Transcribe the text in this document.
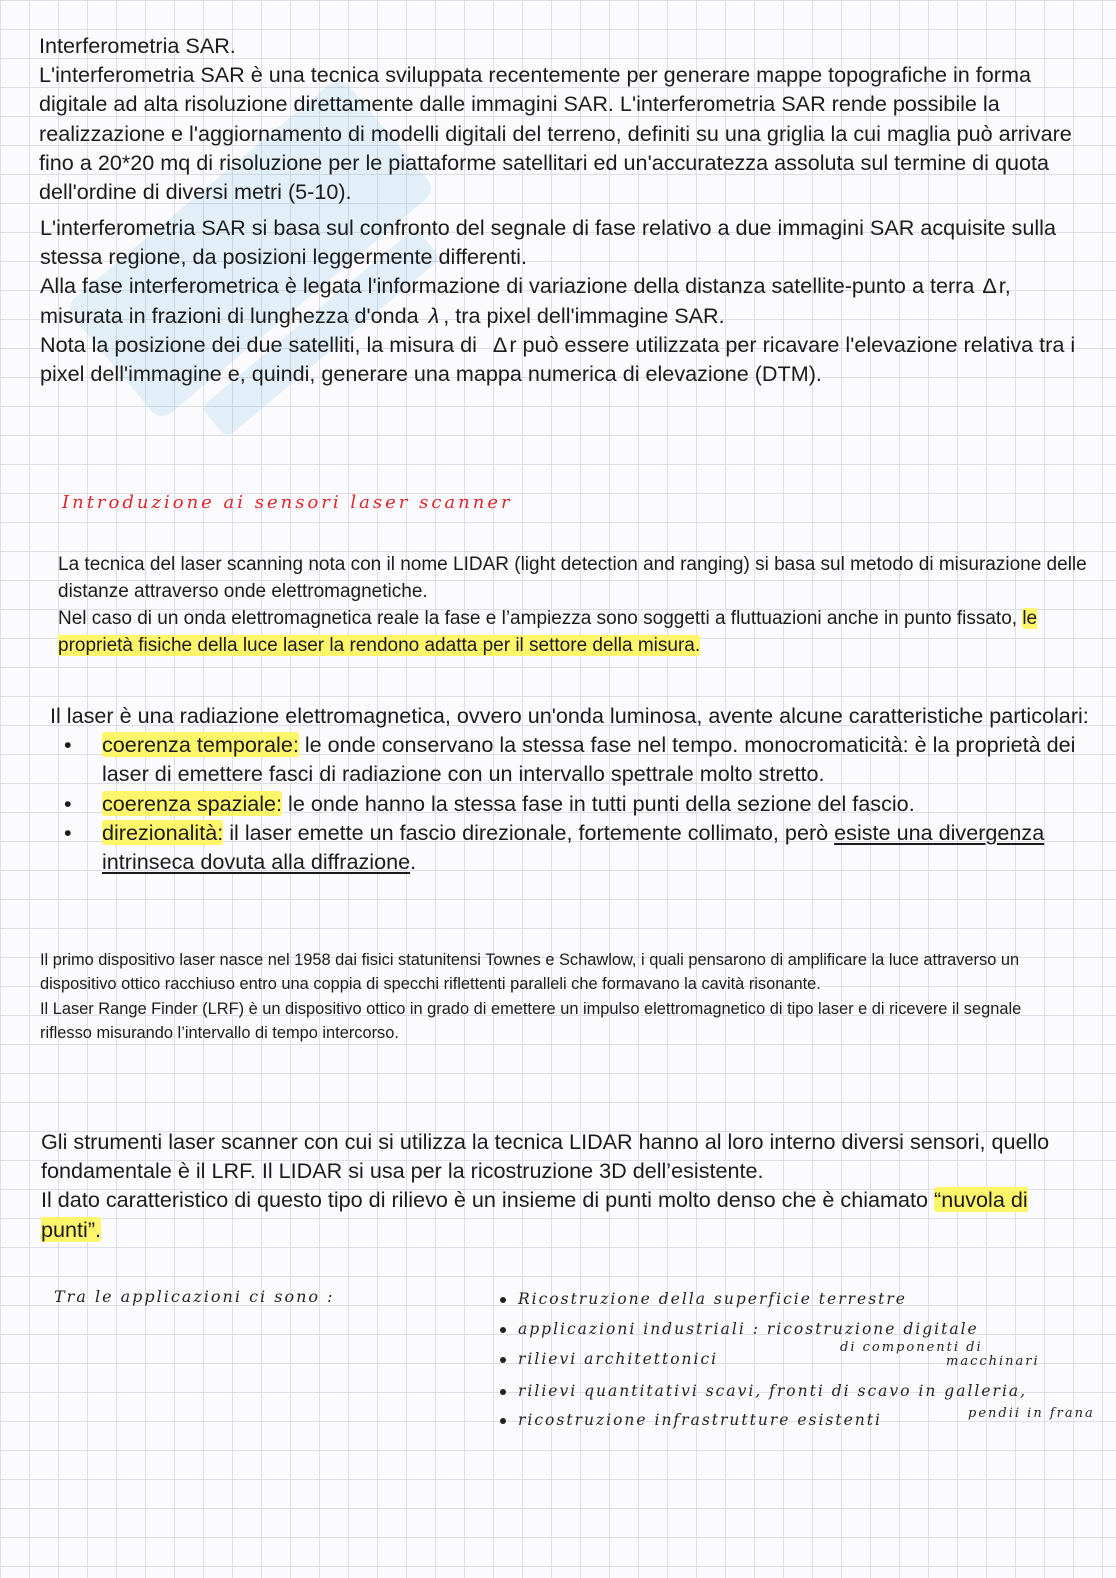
Interferometria SAR.

L'interferometria SAR è una tecnica sviluppata recentemente per generare mappe topografiche in forma digitale ad alta risoluzione direttamente dalle immagini SAR. L'interferometria SAR rende possibile la realizzazione e l'aggiornamento di modelli digitali del terreno, definiti su una griglia la cui maglia può arrivare fino a 20*20 mq di risoluzione per le piattaforme satellitari ed un'accuratezza assoluta sul termine di quota dell'ordine di diversi metri (5-10).

L'interferometria SAR si basa sul confronto del segnale di fase relativo a due immagini SAR acquisite sulla stessa regione, da posizioni leggermente differenti.

Alla fase interferometrica è legata l'informazione di variazione della distanza satellite-punto a terra Δr, misurata in frazioni di lunghezza d'onda λ , tra pixel dell'immagine SAR.

Nota la posizione dei due satelliti, la misura di Δr può essere utilizzata per ricavare l'elevazione relativa tra i pixel dell'immagine e, quindi, generare una mappa numerica di elevazione (DTM).

Introduzione ai sensori laser scanner

La tecnica del laser scanning nota con il nome LIDAR (light detection and ranging) si basa sul metodo di misurazione delle distanze attraverso onde elettromagnetiche.

Nel caso di un onda elettromagnetica reale la fase e l’ampiezza sono soggetti a fluttuazioni anche in punto fissato, le proprietà fisiche della luce laser la rendono adatta per il settore della misura.

Il laser è una radiazione elettromagnetica, ovvero un'onda luminosa, avente alcune caratteristiche particolari:

• coerenza temporale: le onde conservano la stessa fase nel tempo. monocromaticità: è la proprietà dei laser di emettere fasci di radiazione con un intervallo spettrale molto stretto.
• coerenza spaziale: le onde hanno la stessa fase in tutti punti della sezione del fascio.
• direzionalità: il laser emette un fascio direzionale, fortemente collimato, però esiste una divergenza intrinseca dovuta alla diffrazione.

Il primo dispositivo laser nasce nel 1958 dai fisici statunitensi Townes e Schawlow, i quali pensarono di amplificare la luce attraverso un dispositivo ottico racchiuso entro una coppia di specchi riflettenti paralleli che formavano la cavità risonante.

Il Laser Range Finder (LRF) è un dispositivo ottico in grado di emettere un impulso elettromagnetico di tipo laser e di ricevere il segnale riflesso misurando l’intervallo di tempo intercorso.

Gli strumenti laser scanner con cui si utilizza la tecnica LIDAR hanno al loro interno diversi sensori, quello fondamentale è il LRF. Il LIDAR si usa per la ricostruzione 3D dell’esistente.

Il dato caratteristico di questo tipo di rilievo è un insieme di punti molto denso che è chiamato “nuvola di punti”.

Tra le applicazioni ci sono :	Ricostruzione della superficie terrestre
applicazioni industriali : ricostruzione digitale
rilievi architettonici
rilievi quantitativi scavi, fronti di scavo in galleria,
ricostruzione infrastrutture esistenti
di componenti di
macchinari
pendii in frana
